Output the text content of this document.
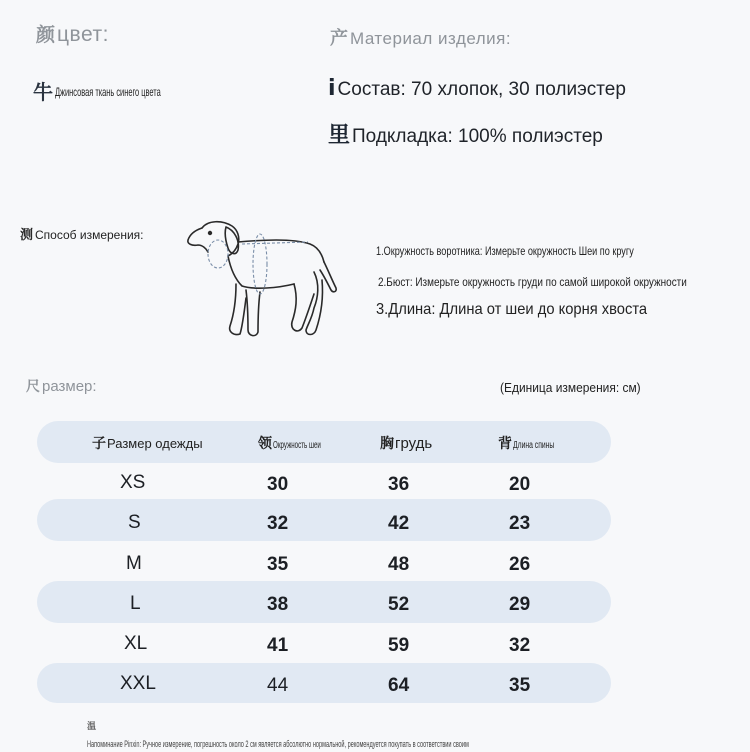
颜цвет:
牛 Джинсовая ткань синего цвета
产 Материал изделия:
i Состав: 70 хлопок, 30 полиэстер
里 Подкладка: 100% полиэстер
测 Способ измерения:
1.Окружность воротника: Измерьте окружность Шеи по кругу
2.Бюст: Измерьте окружность груди по самой широкой окружности
3.Длина: Длина от шеи до корня хвоста
尺 размер:	(Единица измерения: см)
子Размер одежды	领Окружность шеи	胸грудь	背Длина спины
XS	30	36	20
S	32	42	23
M	35	48	26
L	38	52	29
XL	41	59	32
XXL	44	64	35
温Напоминание Pinxin: Ручное измерение, погрешность около 2 см является абсолютно нормальной, рекомендуется покупать в соответствии своим
